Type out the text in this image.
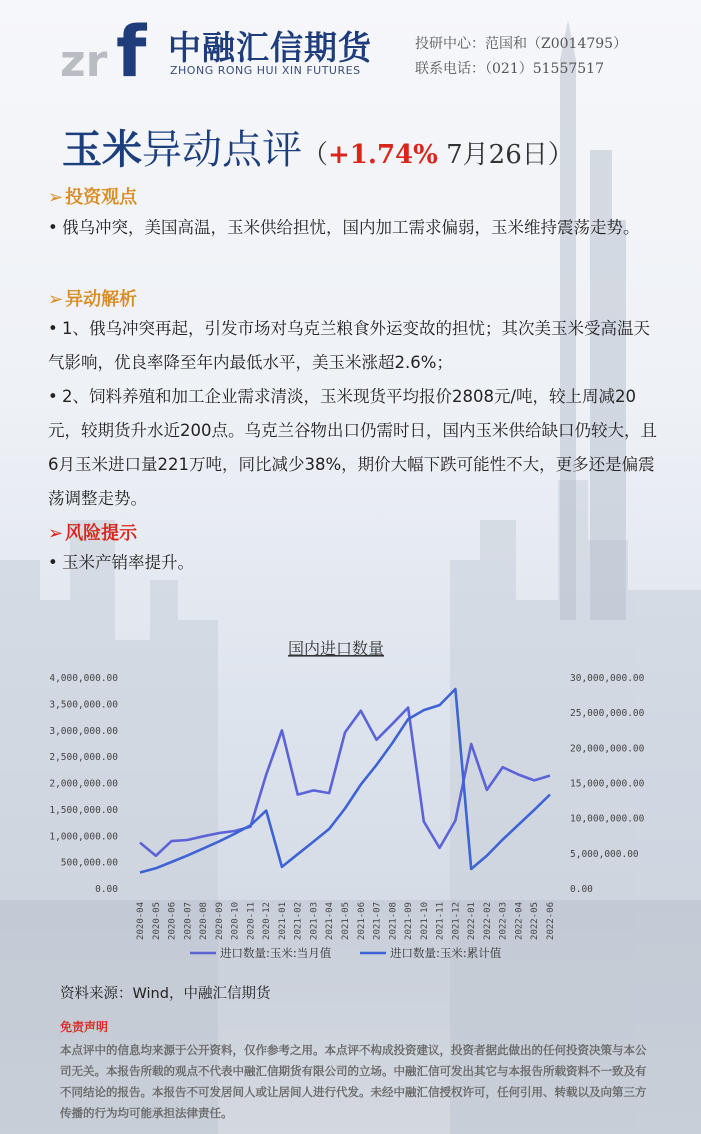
zr f 中融汇信期货
ZHONG RONG HUI XIN FUTURES
投研中心：范国和（Z0014795）
联系电话：（021）51557517
玉米异动点评（+1.74% 7月26日）
➢ 投资观点
• 俄乌冲突，美国高温，玉米供给担忧，国内加工需求偏弱，玉米维持震荡走势。
➢ 异动解析
• 1、俄乌冲突再起，引发市场对乌克兰粮食外运变故的担忧；其次美玉米受高温天气影响，优良率降至年内最低水平，美玉米涨超2.6%；
• 2、饲料养殖和加工企业需求清淡，玉米现货平均报价2808元/吨，较上周减20元，较期货升水近200点。乌克兰谷物出口仍需时日，国内玉米供给缺口仍较大，且6月玉米进口量221万吨，同比减少38%，期价大幅下跌可能性不大，更多还是偏震荡调整走势。
➢ 风险提示
• 玉米产销率提升。
国内进口数量
0.00
500,000.00
1,000,000.00
1,500,000.00
2,000,000.00
2,500,000.00
3,000,000.00
3,500,000.00
4,000,000.00
0.00
5,000,000.00
10,000,000.00
15,000,000.00
20,000,000.00
25,000,000.00
30,000,000.00
2020-04 2020-05 2020-06 2020-07 2020-08 2020-09 2020-10 2020-11 2020-12 2021-01 2021-02 2021-03 2021-04 2021-05 2021-06 2021-07 2021-08 2021-09 2021-10 2021-11 2021-12 2022-01 2022-02 2022-03 2022-04 2022-05 2022-06
进口数量:玉米:当月值	进口数量:玉米:累计值
资料来源：Wind，中融汇信期货
免责声明
本点评中的信息均来源于公开资料，仅作参考之用。本点评不构成投资建议，投资者据此做出的任何投资决策与本公司无关。本报告所载的观点不代表中融汇信期货有限公司的立场。中融汇信可发出其它与本报告所载资料不一致及有不同结论的报告。本报告不可发居间人或让居间人进行代发。未经中融汇信授权许可，任何引用、转载以及向第三方传播的行为均可能承担法律责任。
